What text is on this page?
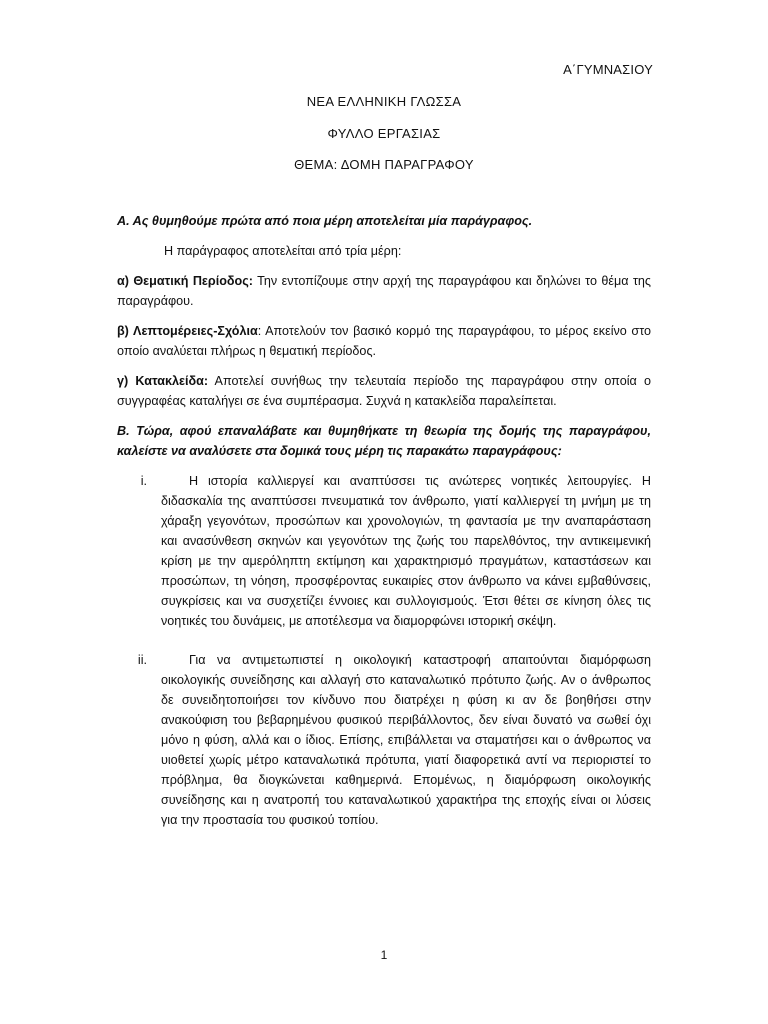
Α΄ΓΥΜΝΑΣΙΟΥ
ΝΕΑ ΕΛΛΗΝΙΚΗ ΓΛΩΣΣΑ
ΦΥΛΛΟ ΕΡΓΑΣΙΑΣ
ΘΕΜΑ: ΔΟΜΗ ΠΑΡΑΓΡΑΦΟΥ

Α. Ας θυμηθούμε πρώτα από ποια μέρη αποτελείται μία παράγραφος.

Η παράγραφος αποτελείται από τρία μέρη:

α) Θεματική Περίοδος: Την εντοπίζουμε στην αρχή της παραγράφου και δηλώνει το θέμα της παραγράφου.

β) Λεπτομέρειες-Σχόλια: Αποτελούν τον βασικό κορμό της παραγράφου, το μέρος εκείνο στο οποίο αναλύεται πλήρως η θεματική περίοδος.

γ) Κατακλείδα: Αποτελεί συνήθως την τελευταία περίοδο της παραγράφου στην οποία ο συγγραφέας καταλήγει σε ένα συμπέρασμα. Συχνά η κατακλείδα παραλείπεται.

Β. Τώρα, αφού επαναλάβατε και θυμηθήκατε τη θεωρία της δομής της παραγράφου, καλείστε να αναλύσετε στα δομικά τους μέρη τις παρακάτω παραγράφους:

i.	Η ιστορία καλλιεργεί και αναπτύσσει τις ανώτερες νοητικές λειτουργίες. Η διδασκαλία της αναπτύσσει πνευματικά τον άνθρωπο, γιατί καλλιεργεί τη μνήμη με τη χάραξη γεγονότων, προσώπων και χρονολογιών, τη φαντασία με την αναπαράσταση και ανασύνθεση σκηνών και γεγονότων της ζωής του παρελθόντος, την αντικειμενική κρίση με την αμερόληπτη εκτίμηση και χαρακτηρισμό πραγμάτων, καταστάσεων και προσώπων, τη νόηση, προσφέροντας ευκαιρίες στον άνθρωπο να κάνει εμβαθύνσεις, συγκρίσεις και να συσχετίζει έννοιες και συλλογισμούς. Έτσι θέτει σε κίνηση όλες τις νοητικές του δυνάμεις, με αποτέλεσμα να διαμορφώνει ιστορική σκέψη.

ii.	Για να αντιμετωπιστεί η οικολογική καταστροφή απαιτούνται διαμόρφωση οικολογικής συνείδησης και αλλαγή στο καταναλωτικό πρότυπο ζωής. Αν ο άνθρωπος δε συνειδητοποιήσει τον κίνδυνο που διατρέχει η φύση κι αν δε βοηθήσει στην ανακούφιση του βεβαρημένου φυσικού περιβάλλοντος, δεν είναι δυνατό να σωθεί όχι μόνο η φύση, αλλά και ο ίδιος. Επίσης, επιβάλλεται να σταματήσει και ο άνθρωπος να υιοθετεί χωρίς μέτρο καταναλωτικά πρότυπα, γιατί διαφορετικά αντί να περιοριστεί το πρόβλημα, θα διογκώνεται καθημερινά. Επομένως, η διαμόρφωση οικολογικής συνείδησης και η ανατροπή του καταναλωτικού χαρακτήρα της εποχής είναι οι λύσεις για την προστασία του φυσικού τοπίου.

1
